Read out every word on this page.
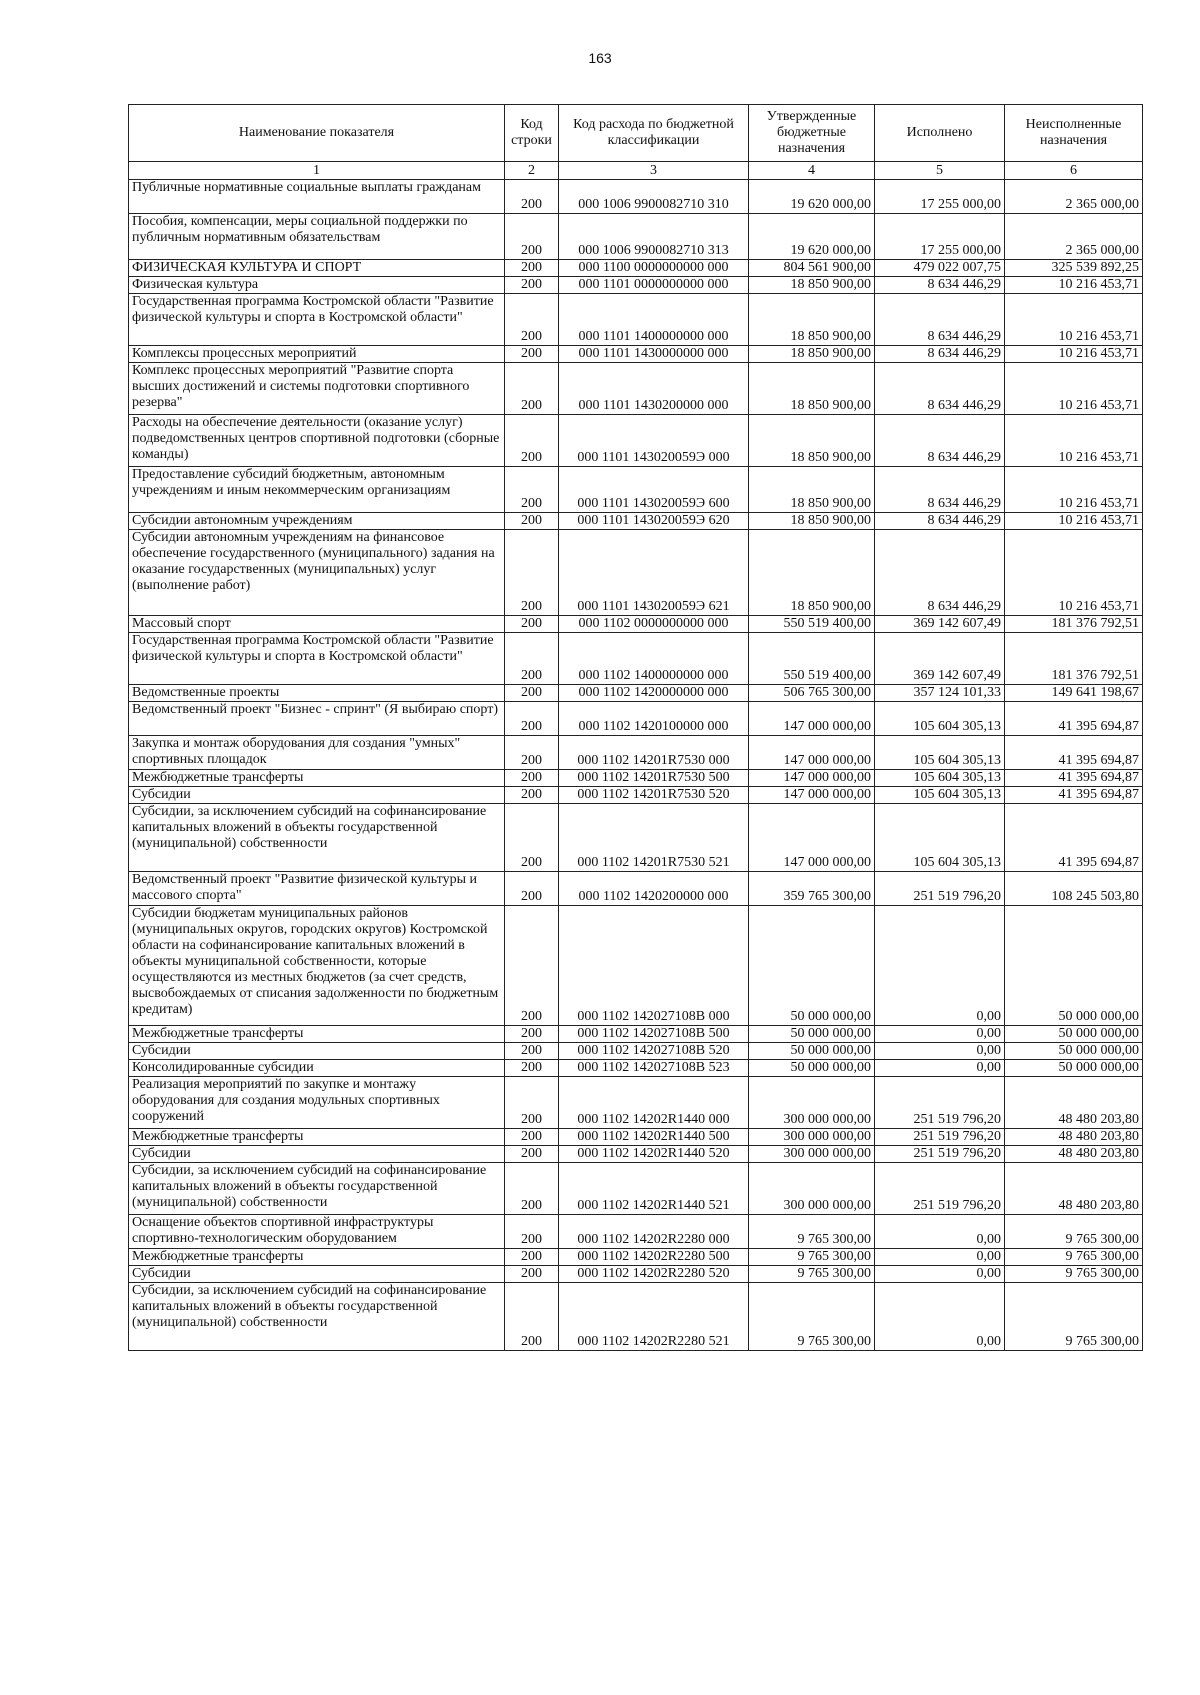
163
Наименование показателя	Код строки	Код расхода по бюджетной классификации	Утвержденные бюджетные назначения	Исполнено	Неисполненные назначения
1	2	3	4	5	6
Публичные нормативные социальные выплаты гражданам	200	000 1006 9900082710 310	19 620 000,00	17 255 000,00	2 365 000,00
Пособия, компенсации, меры социальной поддержки по публичным нормативным обязательствам	200	000 1006 9900082710 313	19 620 000,00	17 255 000,00	2 365 000,00
ФИЗИЧЕСКАЯ КУЛЬТУРА И СПОРТ	200	000 1100 0000000000 000	804 561 900,00	479 022 007,75	325 539 892,25
Физическая культура	200	000 1101 0000000000 000	18 850 900,00	8 634 446,29	10 216 453,71
Государственная программа Костромской области "Развитие физической культуры и спорта в Костромской области"	200	000 1101 1400000000 000	18 850 900,00	8 634 446,29	10 216 453,71
Комплексы процессных мероприятий	200	000 1101 1430000000 000	18 850 900,00	8 634 446,29	10 216 453,71
Комплекс процессных мероприятий "Развитие спорта высших достижений и системы подготовки спортивного резерва"	200	000 1101 1430200000 000	18 850 900,00	8 634 446,29	10 216 453,71
Расходы на обеспечение деятельности (оказание услуг) подведомственных центров спортивной подготовки (сборные команды)	200	000 1101 143020059Э 000	18 850 900,00	8 634 446,29	10 216 453,71
Предоставление субсидий бюджетным, автономным учреждениям и иным некоммерческим организациям	200	000 1101 143020059Э 600	18 850 900,00	8 634 446,29	10 216 453,71
Субсидии автономным учреждениям	200	000 1101 143020059Э 620	18 850 900,00	8 634 446,29	10 216 453,71
Субсидии автономным учреждениям на финансовое обеспечение государственного (муниципального) задания на оказание государственных (муниципальных) услуг (выполнение работ)	200	000 1101 143020059Э 621	18 850 900,00	8 634 446,29	10 216 453,71
Массовый спорт	200	000 1102 0000000000 000	550 519 400,00	369 142 607,49	181 376 792,51
Государственная программа Костромской области "Развитие физической культуры и спорта в Костромской области"	200	000 1102 1400000000 000	550 519 400,00	369 142 607,49	181 376 792,51
Ведомственные проекты	200	000 1102 1420000000 000	506 765 300,00	357 124 101,33	149 641 198,67
Ведомственный проект "Бизнес - спринт" (Я выбираю спорт)	200	000 1102 1420100000 000	147 000 000,00	105 604 305,13	41 395 694,87
Закупка и монтаж оборудования для создания "умных" спортивных площадок	200	000 1102 14201R7530 000	147 000 000,00	105 604 305,13	41 395 694,87
Межбюджетные трансферты	200	000 1102 14201R7530 500	147 000 000,00	105 604 305,13	41 395 694,87
Субсидии	200	000 1102 14201R7530 520	147 000 000,00	105 604 305,13	41 395 694,87
Субсидии, за исключением субсидий на софинансирование капитальных вложений в объекты государственной (муниципальной) собственности	200	000 1102 14201R7530 521	147 000 000,00	105 604 305,13	41 395 694,87
Ведомственный проект "Развитие физической культуры и массового спорта"	200	000 1102 1420200000 000	359 765 300,00	251 519 796,20	108 245 503,80
Субсидии бюджетам муниципальных районов (муниципальных округов, городских округов) Костромской области на софинансирование капитальных вложений в объекты муниципальной собственности, которые осуществляются из местных бюджетов (за счет средств, высвобождаемых от списания задолженности по бюджетным кредитам)	200	000 1102 142027108В 000	50 000 000,00	0,00	50 000 000,00
Межбюджетные трансферты	200	000 1102 142027108В 500	50 000 000,00	0,00	50 000 000,00
Субсидии	200	000 1102 142027108В 520	50 000 000,00	0,00	50 000 000,00
Консолидированные субсидии	200	000 1102 142027108В 523	50 000 000,00	0,00	50 000 000,00
Реализация мероприятий по закупке и монтажу оборудования для создания модульных спортивных сооружений	200	000 1102 14202R1440 000	300 000 000,00	251 519 796,20	48 480 203,80
Межбюджетные трансферты	200	000 1102 14202R1440 500	300 000 000,00	251 519 796,20	48 480 203,80
Субсидии	200	000 1102 14202R1440 520	300 000 000,00	251 519 796,20	48 480 203,80
Субсидии, за исключением субсидий на софинансирование капитальных вложений в объекты государственной (муниципальной) собственности	200	000 1102 14202R1440 521	300 000 000,00	251 519 796,20	48 480 203,80
Оснащение объектов спортивной инфраструктуры спортивно-технологическим оборудованием	200	000 1102 14202R2280 000	9 765 300,00	0,00	9 765 300,00
Межбюджетные трансферты	200	000 1102 14202R2280 500	9 765 300,00	0,00	9 765 300,00
Субсидии	200	000 1102 14202R2280 520	9 765 300,00	0,00	9 765 300,00
Субсидии, за исключением субсидий на софинансирование капитальных вложений в объекты государственной (муниципальной) собственности	200	000 1102 14202R2280 521	9 765 300,00	0,00	9 765 300,00
